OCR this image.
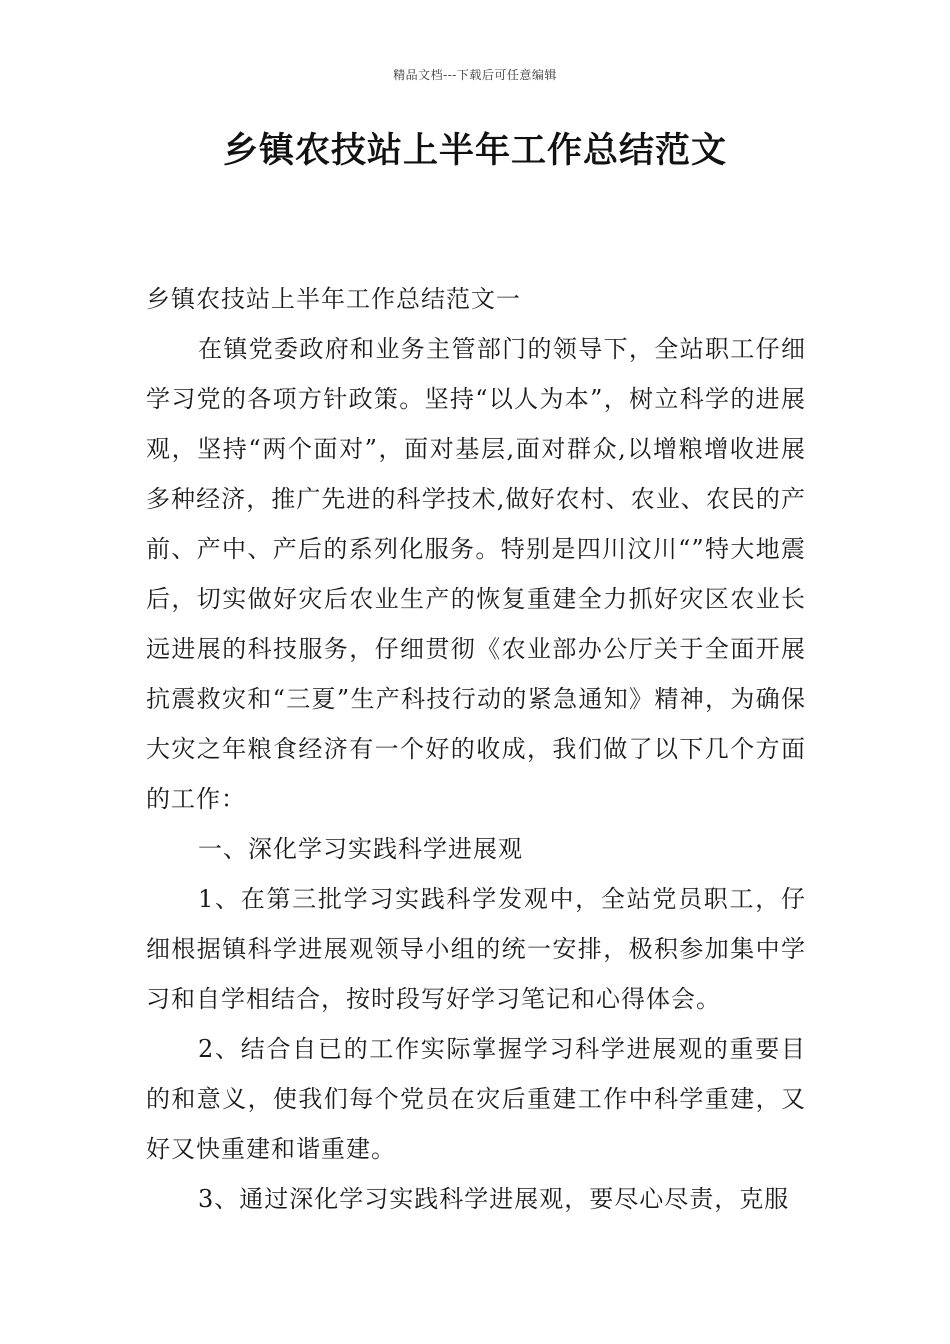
精品文档---下载后可任意编辑
乡镇农技站上半年工作总结范文

乡镇农技站上半年工作总结范文一

在镇党委政府和业务主管部门的领导下，全站职工仔细学习党的各项方针政策。坚持“以人为本”，树立科学的进展观，坚持“两个面对”，面对基层,面对群众,以增粮增收进展多种经济，推广先进的科学技术,做好农村、农业、农民的产前、产中、产后的系列化服务。特别是四川汶川“”特大地震后，切实做好灾后农业生产的恢复重建全力抓好灾区农业长远进展的科技服务，仔细贯彻《农业部办公厅关于全面开展抗震救灾和“三夏”生产科技行动的紧急通知》精神，为确保大灾之年粮食经济有一个好的收成，我们做了以下几个方面的工作：

一、深化学习实践科学进展观

1、在第三批学习实践科学发观中，全站党员职工，仔细根据镇科学进展观领导小组的统一安排，极积参加集中学习和自学相结合，按时段写好学习笔记和心得体会。

2、结合自已的工作实际掌握学习科学进展观的重要目的和意义，使我们每个党员在灾后重建工作中科学重建，又好又快重建和谐重建。

3、通过深化学习实践科学进展观，要尽心尽责，克服
